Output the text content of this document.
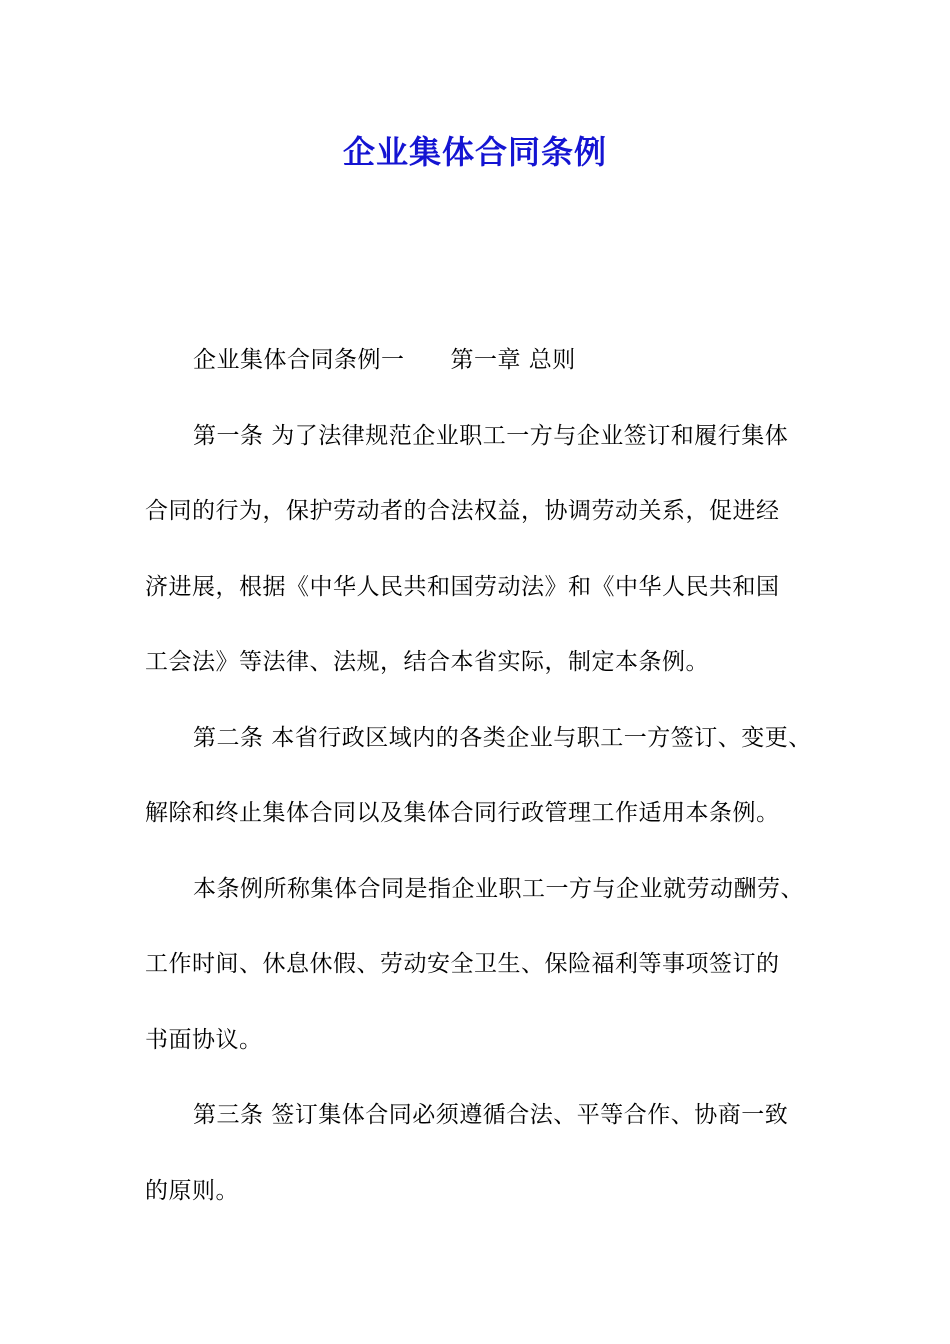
企业集体合同条例
企业集体合同条例一 第一章 总则
第一条 为了法律规范企业职工一方与企业签订和履行集体
合同的行为，保护劳动者的合法权益，协调劳动关系，促进经
济进展，根据《中华人民共和国劳动法》和《中华人民共和国
工会法》等法律、法规，结合本省实际，制定本条例。
第二条 本省行政区域内的各类企业与职工一方签订、变更、
解除和终止集体合同以及集体合同行政管理工作适用本条例。
本条例所称集体合同是指企业职工一方与企业就劳动酬劳、
工作时间、休息休假、劳动安全卫生、保险福利等事项签订的
书面协议。
第三条 签订集体合同必须遵循合法、平等合作、协商一致
的原则。
